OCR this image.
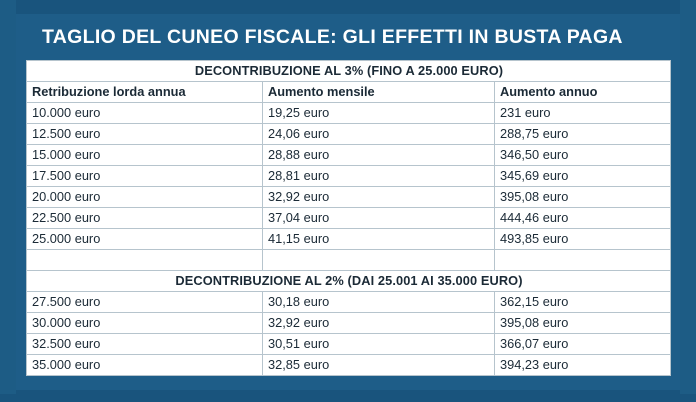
TAGLIO DEL CUNEO FISCALE: GLI EFFETTI IN BUSTA PAGA
DECONTRIBUZIONE AL 3% (FINO A 25.000 EURO)		
Retribuzione lorda annua	Aumento mensile	Aumento annuo
10.000 euro	19,25 euro	231 euro
12.500 euro	24,06 euro	288,75 euro
15.000 euro	28,88 euro	346,50 euro
17.500 euro	28,81 euro	345,69 euro
20.000 euro	32,92 euro	395,08 euro
22.500 euro	37,04 euro	444,46 euro
25.000 euro	41,15 euro	493,85 euro

DECONTRIBUZIONE AL 2% (DAI 25.001 AI 35.000 EURO)		
27.500 euro	30,18 euro	362,15 euro
30.000 euro	32,92 euro	395,08 euro
32.500 euro	30,51 euro	366,07 euro
35.000 euro	32,85 euro	394,23 euro
